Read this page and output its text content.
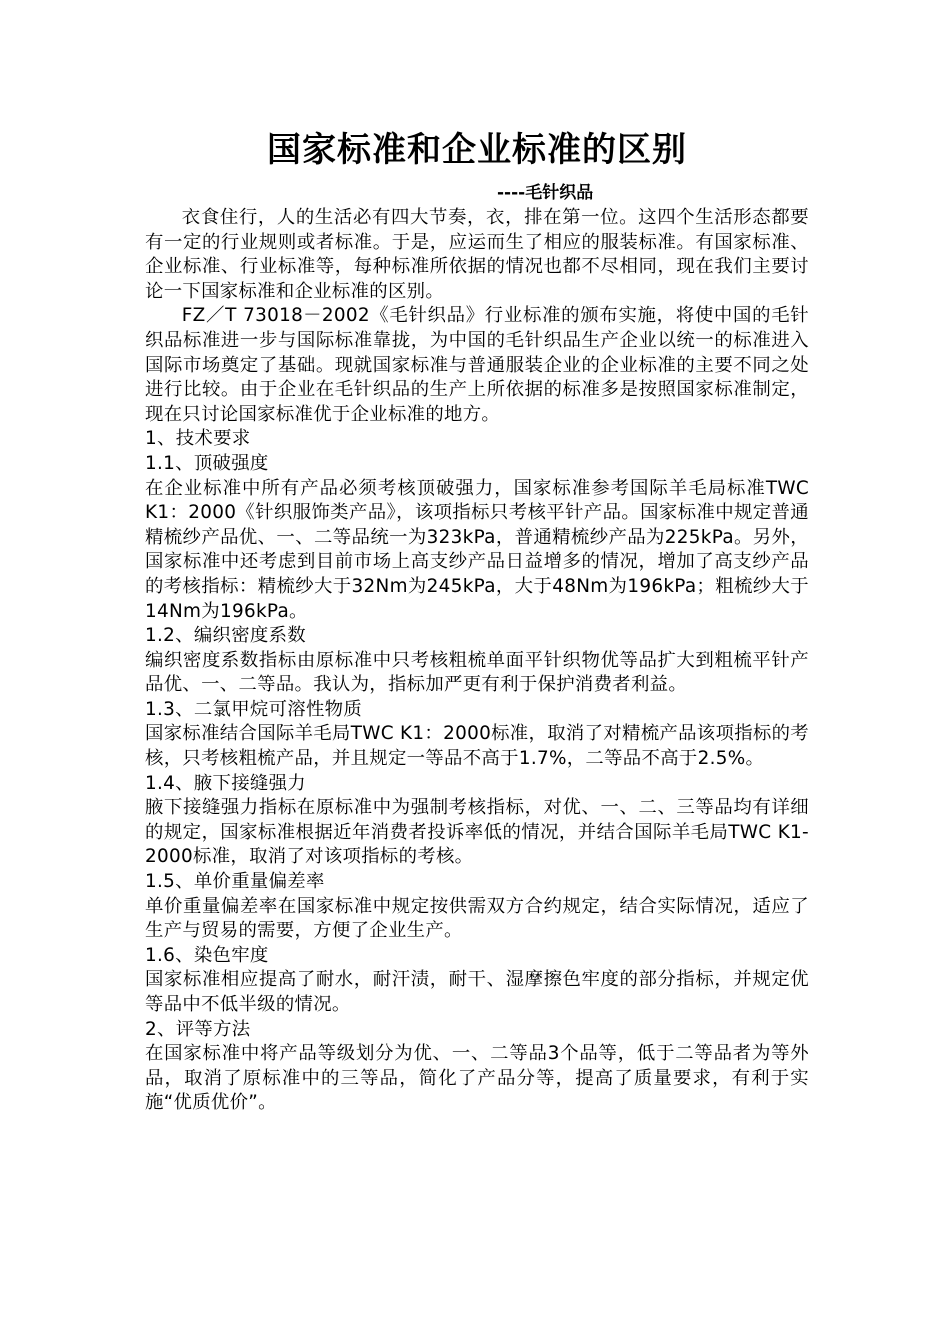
国家标准和企业标准的区别
----毛针织品

衣食住行，人的生活必有四大节奏，衣，排在第一位。这四个生活形态都要有一定的行业规则或者标准。于是，应运而生了相应的服装标准。有国家标准、企业标准、行业标准等，每种标准所依据的情况也都不尽相同，现在我们主要讨论一下国家标准和企业标准的区别。

FZ／T 73018－2002《毛针织品》行业标准的颁布实施，将使中国的毛针织品标准进一步与国际标准靠拢，为中国的毛针织品生产企业以统一的标准进入国际市场奠定了基础。现就国家标准与普通服装企业的企业标准的主要不同之处进行比较。由于企业在毛针织品的生产上所依据的标准多是按照国家标准制定，现在只讨论国家标准优于企业标准的地方。

1、技术要求
1.1、顶破强度

在企业标准中所有产品必须考核顶破强力，国家标准参考国际羊毛局标准TWC K1：2000《针织服饰类产品》，该项指标只考核平针产品。国家标准中规定普通精梳纱产品优、一、二等品统一为323kPa，普通精梳纱产品为225kPa。另外，国家标准中还考虑到目前市场上高支纱产品日益增多的情况，增加了高支纱产品的考核指标：精梳纱大于32Nm为245kPa，大于48Nm为196kPa；粗梳纱大于14Nm为196kPa。

1.2、编织密度系数

编织密度系数指标由原标准中只考核粗梳单面平针织物优等品扩大到粗梳平针产品优、一、二等品。我认为，指标加严更有利于保护消费者利益。

1.3、二氯甲烷可溶性物质

国家标准结合国际羊毛局TWC K1：2000标准，取消了对精梳产品该项指标的考核，只考核粗梳产品，并且规定一等品不高于1.7%，二等品不高于2.5%。

1.4、腋下接缝强力

腋下接缝强力指标在原标准中为强制考核指标，对优、一、二、三等品均有详细的规定，国家标准根据近年消费者投诉率低的情况，并结合国际羊毛局TWC K1-2000标准，取消了对该项指标的考核。

1.5、单价重量偏差率

单价重量偏差率在国家标准中规定按供需双方合约规定，结合实际情况，适应了生产与贸易的需要，方便了企业生产。

1.6、染色牢度

国家标准相应提高了耐水，耐汗渍，耐干、湿摩擦色牢度的部分指标，并规定优等品中不低半级的情况。

2、评等方法

在国家标准中将产品等级划分为优、一、二等品3个品等，低于二等品者为等外品，取消了原标准中的三等品，简化了产品分等，提高了质量要求，有利于实施“优质优价”。
